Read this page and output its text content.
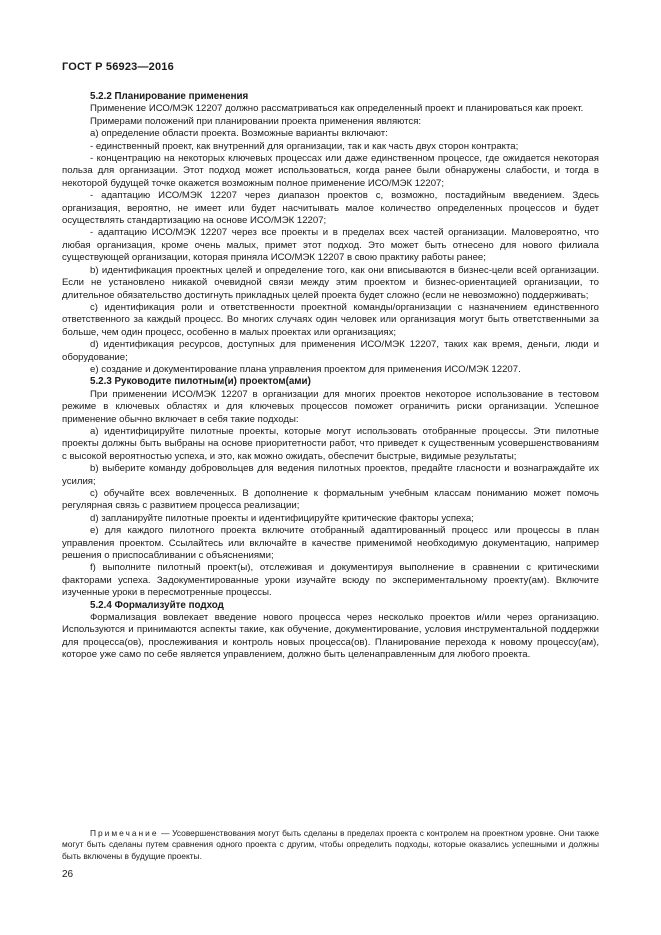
ГОСТ Р 56923—2016
5.2.2 Планирование применения

Применение ИСО/МЭК 12207 должно рассматриваться как определенный проект и планироваться как проект.

Примерами положений при планировании проекта применения являются:

а) определение области проекта. Возможные варианты включают:

- единственный проект, как внутренний для организации, так и как часть двух сторон контракта;

- концентрацию на некоторых ключевых процессах или даже единственном процессе, где ожидается некоторая польза для организации. Этот подход может использоваться, когда ранее были обнаружены слабости, и тогда в некоторой будущей точке окажется возможным полное применение ИСО/МЭК 12207;

- адаптацию ИСО/МЭК 12207 через диапазон проектов с, возможно, постадийным введением. Здесь организация, вероятно, не имеет или будет насчитывать малое количество определенных процессов и будет осуществлять стандартизацию на основе ИСО/МЭК 12207;

- адаптацию ИСО/МЭК 12207 через все проекты и в пределах всех частей организации. Маловероятно, что любая организация, кроме очень малых, примет этот подход. Это может быть отнесено для нового филиала существующей организации, которая приняла ИСО/МЭК 12207 в свою практику работы ранее;

b) идентификация проектных целей и определение того, как они вписываются в бизнес-цели всей организации. Если не установлено никакой очевидной связи между этим проектом и бизнес-ориентацией организации, то длительное обязательство достигнуть прикладных целей проекта будет сложно (если не невозможно) поддерживать;

c) идентификация роли и ответственности проектной команды/организации с назначением единственного ответственного за каждый процесс. Во многих случаях один человек или организация могут быть ответственными за больше, чем один процесс, особенно в малых проектах или организациях;

d) идентификация ресурсов, доступных для применения ИСО/МЭК 12207, таких как время, деньги, люди и оборудование;

e) создание и документирование плана управления проектом для применения ИСО/МЭК 12207.

5.2.3 Руководите пилотным(и) проектом(ами)

При применении ИСО/МЭК 12207 в организации для многих проектов некоторое использование в тестовом режиме в ключевых областях и для ключевых процессов поможет ограничить риски организации. Успешное применение обычно включает в себя такие подходы:

a) идентифицируйте пилотные проекты, которые могут использовать отобранные процессы. Эти пилотные проекты должны быть выбраны на основе приоритетности работ, что приведет к существенным усовершенствованиям с высокой вероятностью успеха, и это, как можно ожидать, обеспечит быстрые, видимые результаты;

b) выберите команду добровольцев для ведения пилотных проектов, предайте гласности и вознаграждайте их усилия;

c) обучайте всех вовлеченных. В дополнение к формальным учебным классам пониманию может помочь регулярная связь с развитием процесса реализации;

d) запланируйте пилотные проекты и идентифицируйте критические факторы успеха;

e) для каждого пилотного проекта включите отобранный адаптированный процесс или процессы в план управления проектом. Ссылайтесь или включайте в качестве применимой необходимую документацию, например решения о приспосабливании с объяснениями;

f) выполните пилотный проект(ы), отслеживая и документируя выполнение в сравнении с критическими факторами успеха. Задокументированные уроки изучайте всюду по экспериментальному проекту(ам). Включите изученные уроки в пересмотренные процессы.

5.2.4 Формализуйте подход

Формализация вовлекает введение нового процесса через несколько проектов и/или через организацию. Используются и принимаются аспекты такие, как обучение, документирование, условия инструментальной поддержки для процесса(ов), прослеживания и контроль новых процесса(ов). Планирование перехода к новому процессу(ам), которое уже само по себе является управлением, должно быть целенаправленным для любого проекта.

Примечание — Усовершенствования могут быть сделаны в пределах проекта с контролем на проектном уровне. Они также могут быть сделаны путем сравнения одного проекта с другим, чтобы определить подходы, которые оказались успешными и должны быть включены в будущие проекты.

26
